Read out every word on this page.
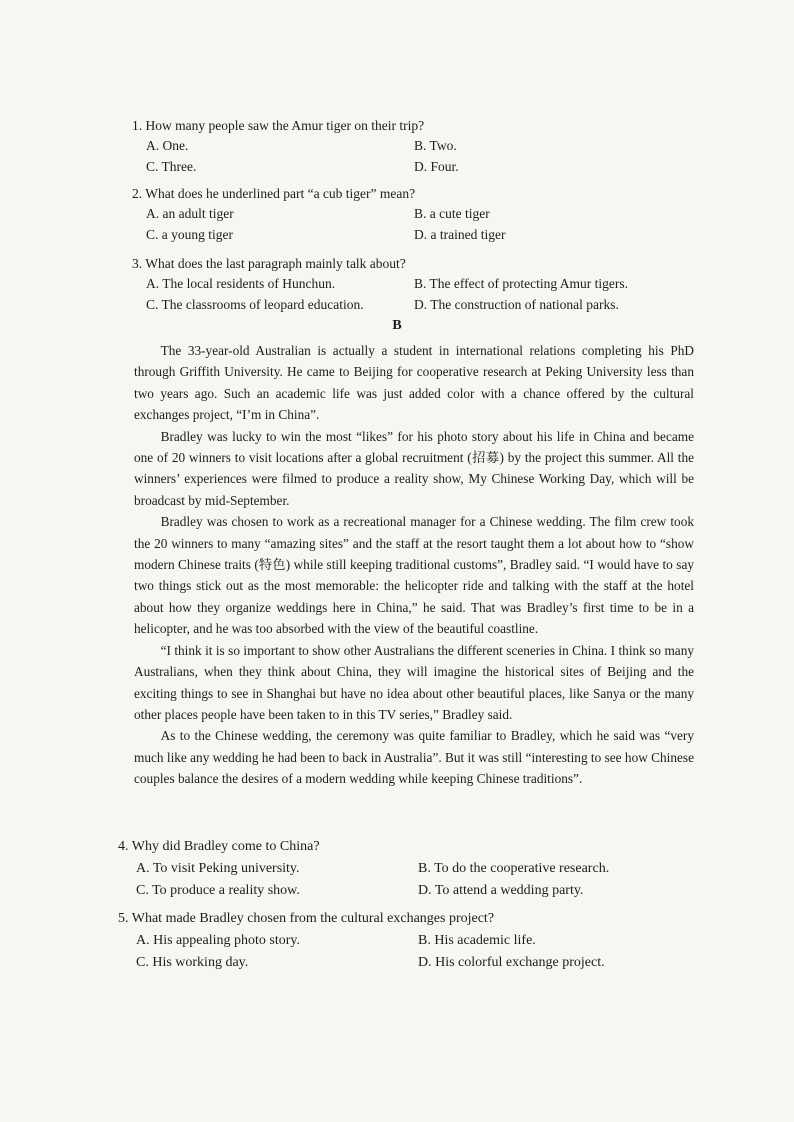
1. How many people saw the Amur tiger on their trip?
A. One.	B. Two.
C. Three.	D. Four.
2. What does he underlined part “a cub tiger” mean?
A. an adult tiger	B. a cute tiger
C. a young tiger	D. a trained tiger
3. What does the last paragraph mainly talk about?
A. The local residents of Hunchun.	B. The effect of protecting Amur tigers.
C. The classrooms of leopard education.	D. The construction of national parks.
B

The 33-year-old Australian is actually a student in international relations completing his PhD through Griffith University. He came to Beijing for cooperative research at Peking University less than two years ago. Such an academic life was just added color with a chance offered by the cultural exchanges project, “I’m in China”.

Bradley was lucky to win the most “likes” for his photo story about his life in China and became one of 20 winners to visit locations after a global recruitment (招募) by the project this summer. All the winners’ experiences were filmed to produce a reality show, My Chinese Working Day, which will be broadcast by mid-September.

Bradley was chosen to work as a recreational manager for a Chinese wedding. The film crew took the 20 winners to many “amazing sites” and the staff at the resort taught them a lot about how to “show modern Chinese traits (特色) while still keeping traditional customs”, Bradley said. “I would have to say two things stick out as the most memorable: the helicopter ride and talking with the staff at the hotel about how they organize weddings here in China,” he said. That was Bradley’s first time to be in a helicopter, and he was too absorbed with the view of the beautiful coastline.

“I think it is so important to show other Australians the different sceneries in China. I think so many Australians, when they think about China, they will imagine the historical sites of Beijing and the exciting things to see in Shanghai but have no idea about other beautiful places, like Sanya or the many other places people have been taken to in this TV series,” Bradley said.

As to the Chinese wedding, the ceremony was quite familiar to Bradley, which he said was “very much like any wedding he had been to back in Australia”. But it was still “interesting to see how Chinese couples balance the desires of a modern wedding while keeping Chinese traditions”.

4. Why did Bradley come to China?
A. To visit Peking university.	B. To do the cooperative research.
C. To produce a reality show.	D. To attend a wedding party.
5. What made Bradley chosen from the cultural exchanges project?
A. His appealing photo story.	B. His academic life.
C. His working day.	D. His colorful exchange project.
